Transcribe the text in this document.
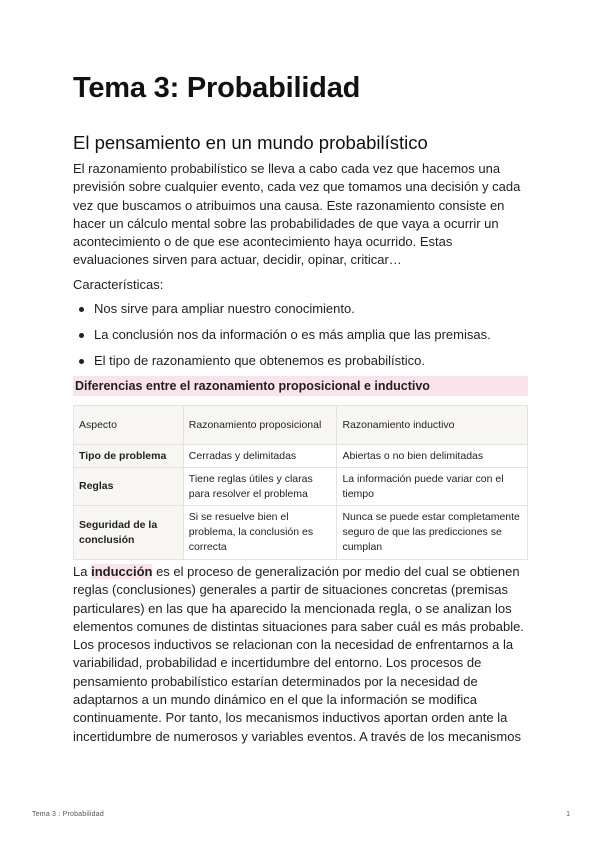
Tema 3: Probabilidad
El pensamiento en un mundo probabilístico

El razonamiento probabilístico se lleva a cabo cada vez que hacemos una previsión sobre cualquier evento, cada vez que tomamos una decisión y cada vez que buscamos o atribuimos una causa. Este razonamiento consiste en hacer un cálculo mental sobre las probabilidades de que vaya a ocurrir un acontecimiento o de que ese acontecimiento haya ocurrido. Estas evaluaciones sirven para actuar, decidir, opinar, criticar…

Características:

Nos sirve para ampliar nuestro conocimiento.
La conclusión nos da información o es más amplia que las premisas.
El tipo de razonamiento que obtenemos es probabilístico.
Diferencias entre el razonamiento proposicional e inductivo
Aspecto	Razonamiento proposicional	Razonamiento inductivo
Tipo de problema	Cerradas y delimitadas	Abiertas o no bien delimitadas
Reglas	Tiene reglas útiles y claras para resolver el problema	La información puede variar con el tiempo
Seguridad de la conclusión	Si se resuelve bien el problema, la conclusión es correcta	Nunca se puede estar completamente seguro de que las predicciones se cumplan

La inducción es el proceso de generalización por medio del cual se obtienen reglas (conclusiones) generales a partir de situaciones concretas (premisas particulares) en las que ha aparecido la mencionada regla, o se analizan los elementos comunes de distintas situaciones para saber cuál es más probable. Los procesos inductivos se relacionan con la necesidad de enfrentarnos a la variabilidad, probabilidad e incertidumbre del entorno. Los procesos de pensamiento probabilístico estarían determinados por la necesidad de adaptarnos a un mundo dinámico en el que la información se modifica continuamente. Por tanto, los mecanismos inductivos aportan orden ante la incertidumbre de numerosos y variables eventos. A través de los mecanismos

Tema 3 : Probabilidad	1
